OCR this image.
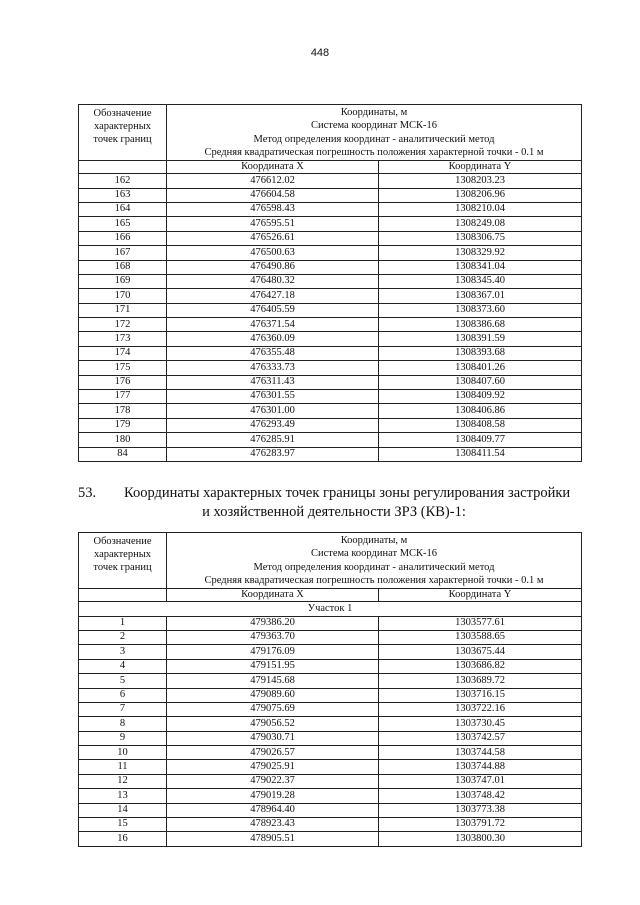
448
Обозначение
характерных
точек границ	Координаты, м
Система координат МСК-16
Метод определения координат - аналитический метод
Средняя квадратическая погрешность положения характерной точки - 0.1 м	
	Координата X	Координата Y
162	476612.02	1308203.23
163	476604.58	1308206.96
164	476598.43	1308210.04
165	476595.51	1308249.08
166	476526.61	1308306.75
167	476500.63	1308329.92
168	476490.86	1308341.04
169	476480.32	1308345.40
170	476427.18	1308367.01
171	476405.59	1308373.60
172	476371.54	1308386.68
173	476360.09	1308391.59
174	476355.48	1308393.68
175	476333.73	1308401.26
176	476311.43	1308407.60
177	476301.55	1308409.92
178	476301.00	1308406.86
179	476293.49	1308408.58
180	476285.91	1308409.77
84	476283.97	1308411.54
53. Координаты характерных точек границы зоны регулирования застройки
и хозяйственной деятельности ЗРЗ (КВ)-1:
Обозначение
характерных
точек границ	Координаты, м
Система координат МСК-16
Метод определения координат - аналитический метод
Средняя квадратическая погрешность положения характерной точки - 0.1 м	
	Координата X	Координата Y
Участок 1		
1	479386.20	1303577.61
2	479363.70	1303588.65
3	479176.09	1303675.44
4	479151.95	1303686.82
5	479145.68	1303689.72
6	479089.60	1303716.15
7	479075.69	1303722.16
8	479056.52	1303730.45
9	479030.71	1303742.57
10	479026.57	1303744.58
11	479025.91	1303744.88
12	479022.37	1303747.01
13	479019.28	1303748.42
14	478964.40	1303773.38
15	478923.43	1303791.72
16	478905.51	1303800.30
